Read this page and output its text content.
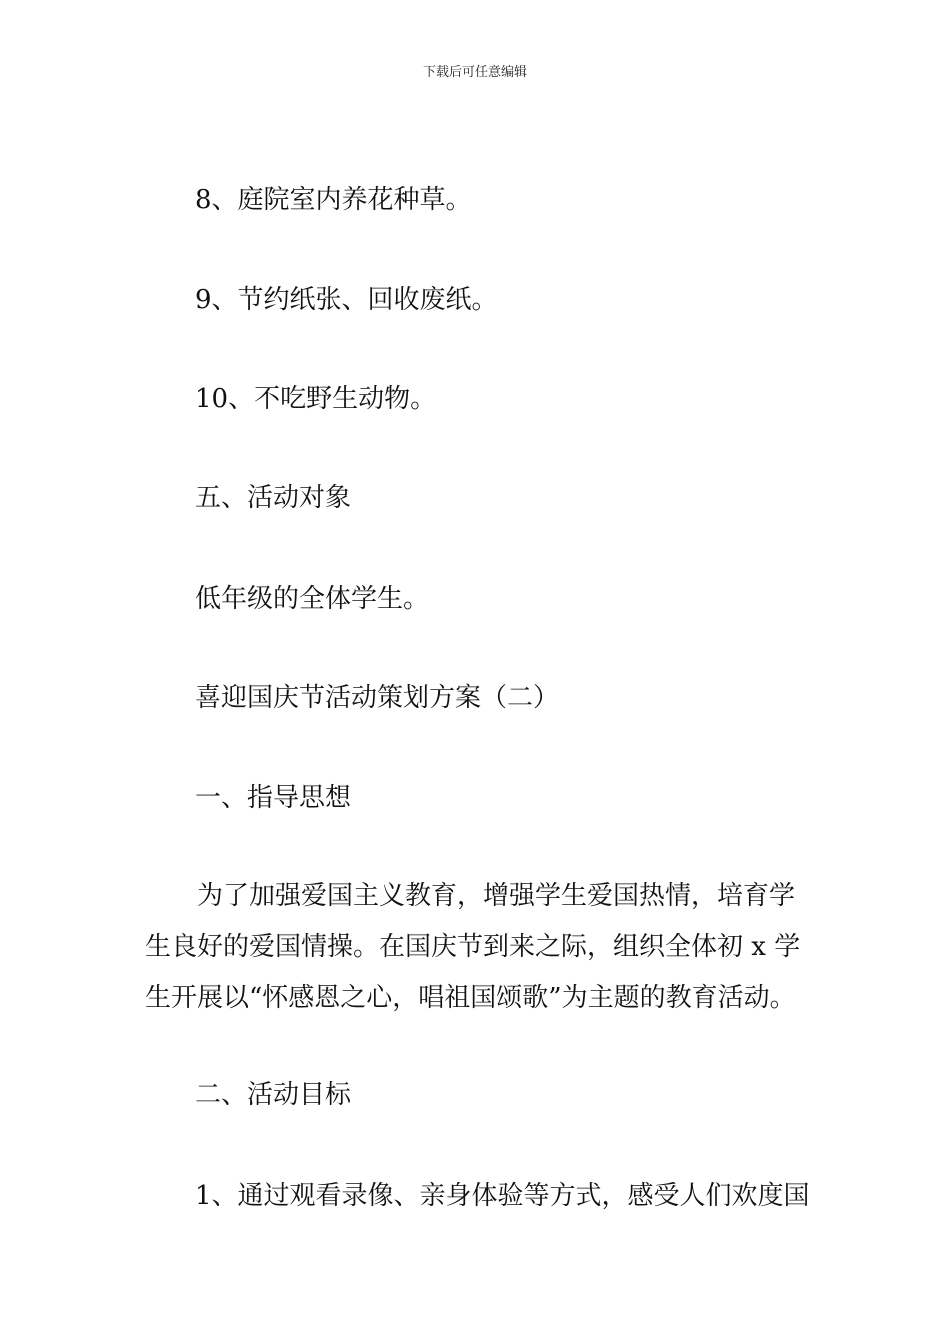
下载后可任意编辑
8、庭院室内养花种草。
9、节约纸张、回收废纸。
10、不吃野生动物。
五、活动对象
低年级的全体学生。
喜迎国庆节活动策划方案（二）
一、指导思想
为了加强爱国主义教育，增强学生爱国热情，培育学生良好的爱国情操。在国庆节到来之际，组织全体初 x 学生开展以“怀感恩之心，唱祖国颂歌”为主题的教育活动。
二、活动目标
1、通过观看录像、亲身体验等方式，感受人们欢度国
